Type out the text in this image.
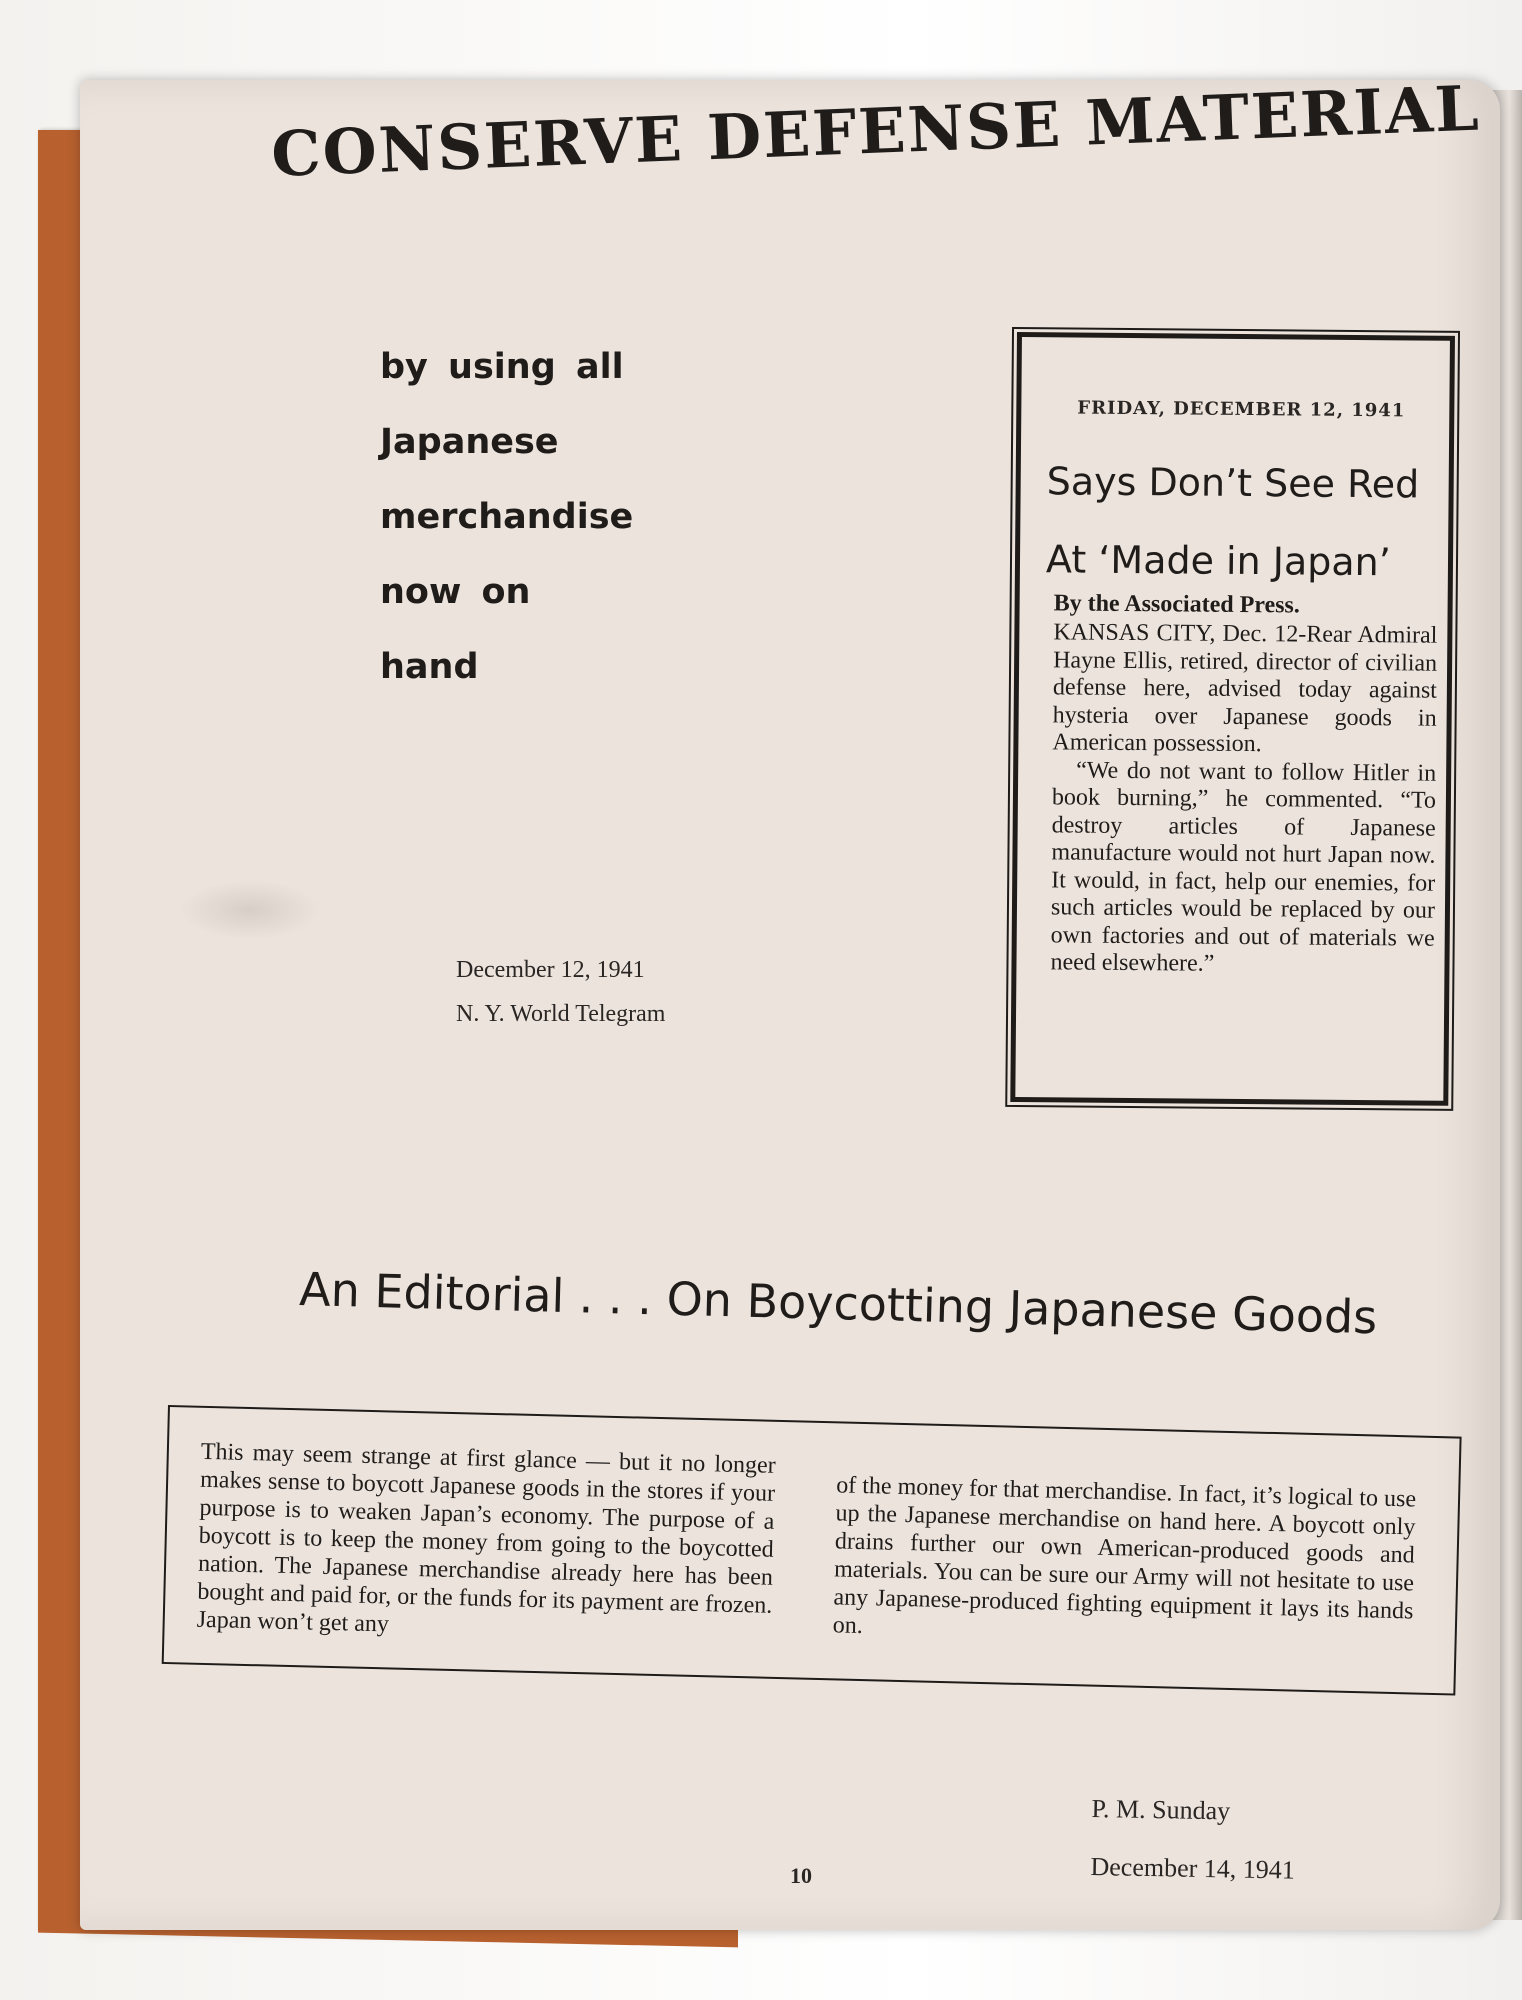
CONSERVE DEFENSE MATERIAL
by using all
Japanese
merchandise
now on
hand
December 12, 1941
N. Y. World Telegram
FRIDAY, DECEMBER 12, 1941
Says Don’t See Red
At ‘Made in Japan’
By the Associated Press.

KANSAS CITY, Dec. 12-Rear Admiral Hayne Ellis, retired, director of civilian defense here, advised today against hysteria over Japanese goods in American possession.

“We do not want to follow Hitler in book burning,” he commented. “To destroy articles of Japanese manufacture would not hurt Japan now. It would, in fact, help our enemies, for such articles would be replaced by our own factories and out of materials we need elsewhere.”

An Editorial . . . On Boycotting Japanese Goods
This may seem strange at first glance — but it no longer makes sense to boycott Japanese goods in the stores if your purpose is to weaken Japan’s economy. The purpose of a boycott is to keep the money from going to the boycotted nation. The Japanese merchandise already here has been bought and paid for, or the funds for its payment are frozen. Japan won’t get any
of the money for that merchandise. In fact, it’s logical to use up the Japanese merchandise on hand here. A boycott only drains further our own American-produced goods and materials. You can be sure our Army will not hesitate to use any Japanese-produced fighting equipment it lays its hands on.
P. M. Sunday
December 14, 1941
10
